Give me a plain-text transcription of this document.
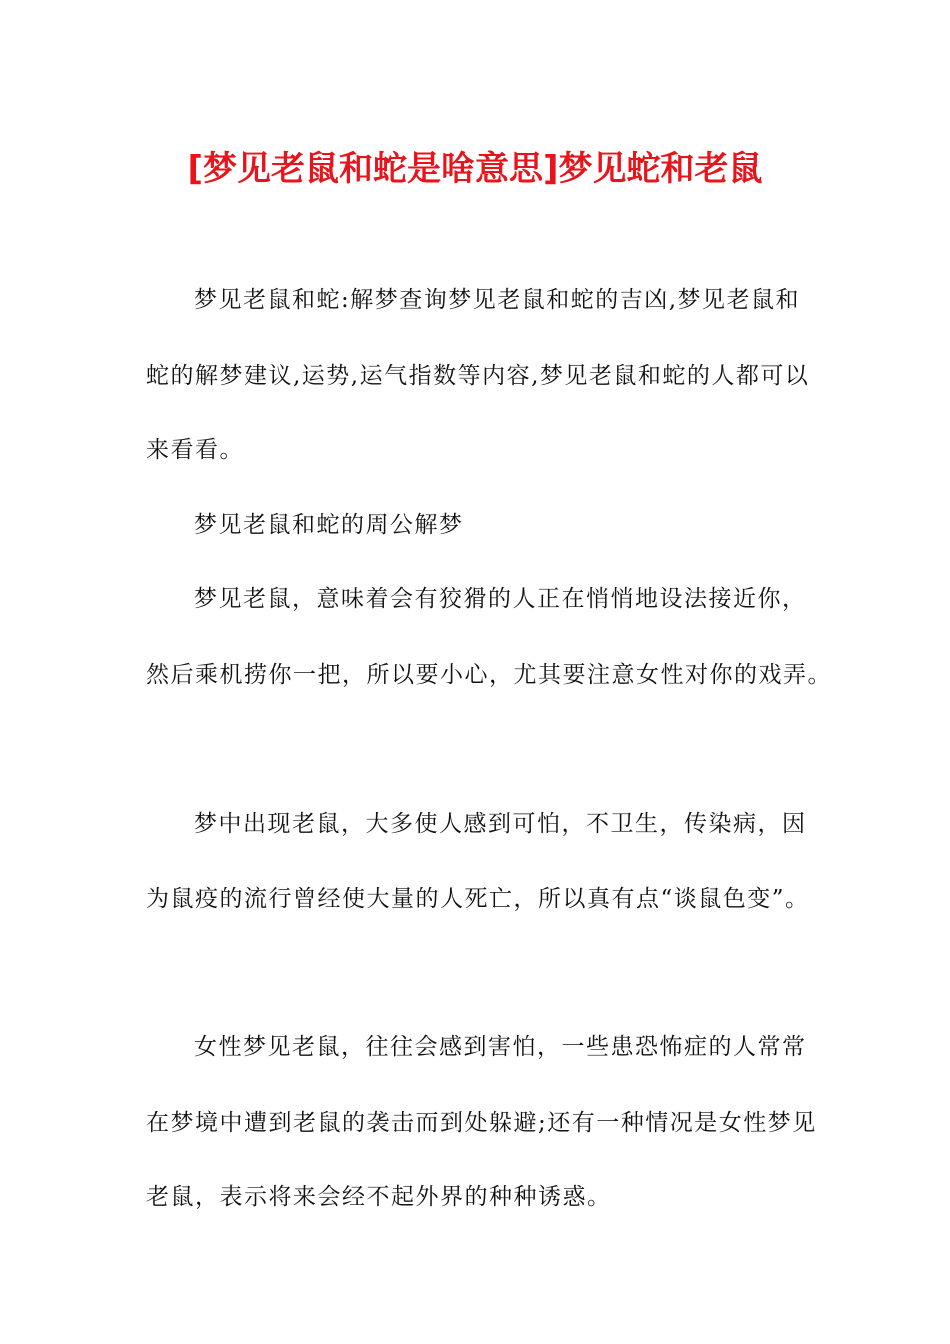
[梦见老鼠和蛇是啥意思]梦见蛇和老鼠
梦见老鼠和蛇:解梦查询梦见老鼠和蛇的吉凶,梦见老鼠和
蛇的解梦建议,运势,运气指数等内容,梦见老鼠和蛇的人都可以
来看看。
梦见老鼠和蛇的周公解梦
梦见老鼠，意味着会有狡猾的人正在悄悄地设法接近你，
然后乘机捞你一把，所以要小心，尤其要注意女性对你的戏弄。
梦中出现老鼠，大多使人感到可怕，不卫生，传染病，因
为鼠疫的流行曾经使大量的人死亡，所以真有点“谈鼠色变”。
女性梦见老鼠，往往会感到害怕，一些患恐怖症的人常常
在梦境中遭到老鼠的袭击而到处躲避;还有一种情况是女性梦见
老鼠，表示将来会经不起外界的种种诱惑。
